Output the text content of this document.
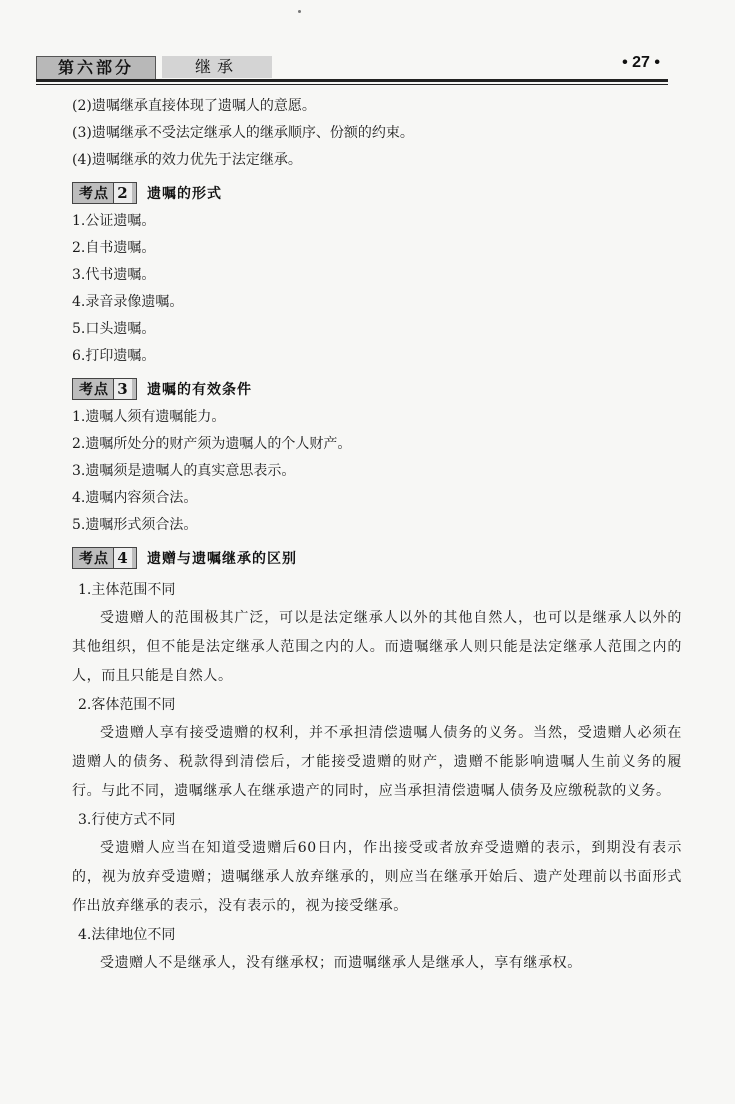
第六部分	继承	• 27 •
(2)遗嘱继承直接体现了遗嘱人的意愿。
(3)遗嘱继承不受法定继承人的继承顺序、份额的约束。
(4)遗嘱继承的效力优先于法定继承。
考点 2 遗嘱的形式
1.公证遗嘱。
2.自书遗嘱。
3.代书遗嘱。
4.录音录像遗嘱。
5.口头遗嘱。
6.打印遗嘱。
考点 3 遗嘱的有效条件
1.遗嘱人须有遗嘱能力。
2.遗嘱所处分的财产须为遗嘱人的个人财产。
3.遗嘱须是遗嘱人的真实意思表示。
4.遗嘱内容须合法。
5.遗嘱形式须合法。
考点 4 遗赠与遗嘱继承的区别
1.主体范围不同
受遗赠人的范围极其广泛，可以是法定继承人以外的其他自然人，也可以是继承人以外的其他组织，但不能是法定继承人范围之内的人。而遗嘱继承人则只能是法定继承人范围之内的人，而且只能是自然人。
2.客体范围不同
受遗赠人享有接受遗赠的权利，并不承担清偿遗嘱人债务的义务。当然，受遗赠人必须在遗赠人的债务、税款得到清偿后，才能接受遗赠的财产，遗赠不能影响遗嘱人生前义务的履行。与此不同，遗嘱继承人在继承遗产的同时，应当承担清偿遗嘱人债务及应缴税款的义务。
3.行使方式不同
受遗赠人应当在知道受遗赠后60日内，作出接受或者放弃受遗赠的表示，到期没有表示的，视为放弃受遗赠；遗嘱继承人放弃继承的，则应当在继承开始后、遗产处理前以书面形式作出放弃继承的表示，没有表示的，视为接受继承。
4.法律地位不同
受遗赠人不是继承人，没有继承权；而遗嘱继承人是继承人，享有继承权。
